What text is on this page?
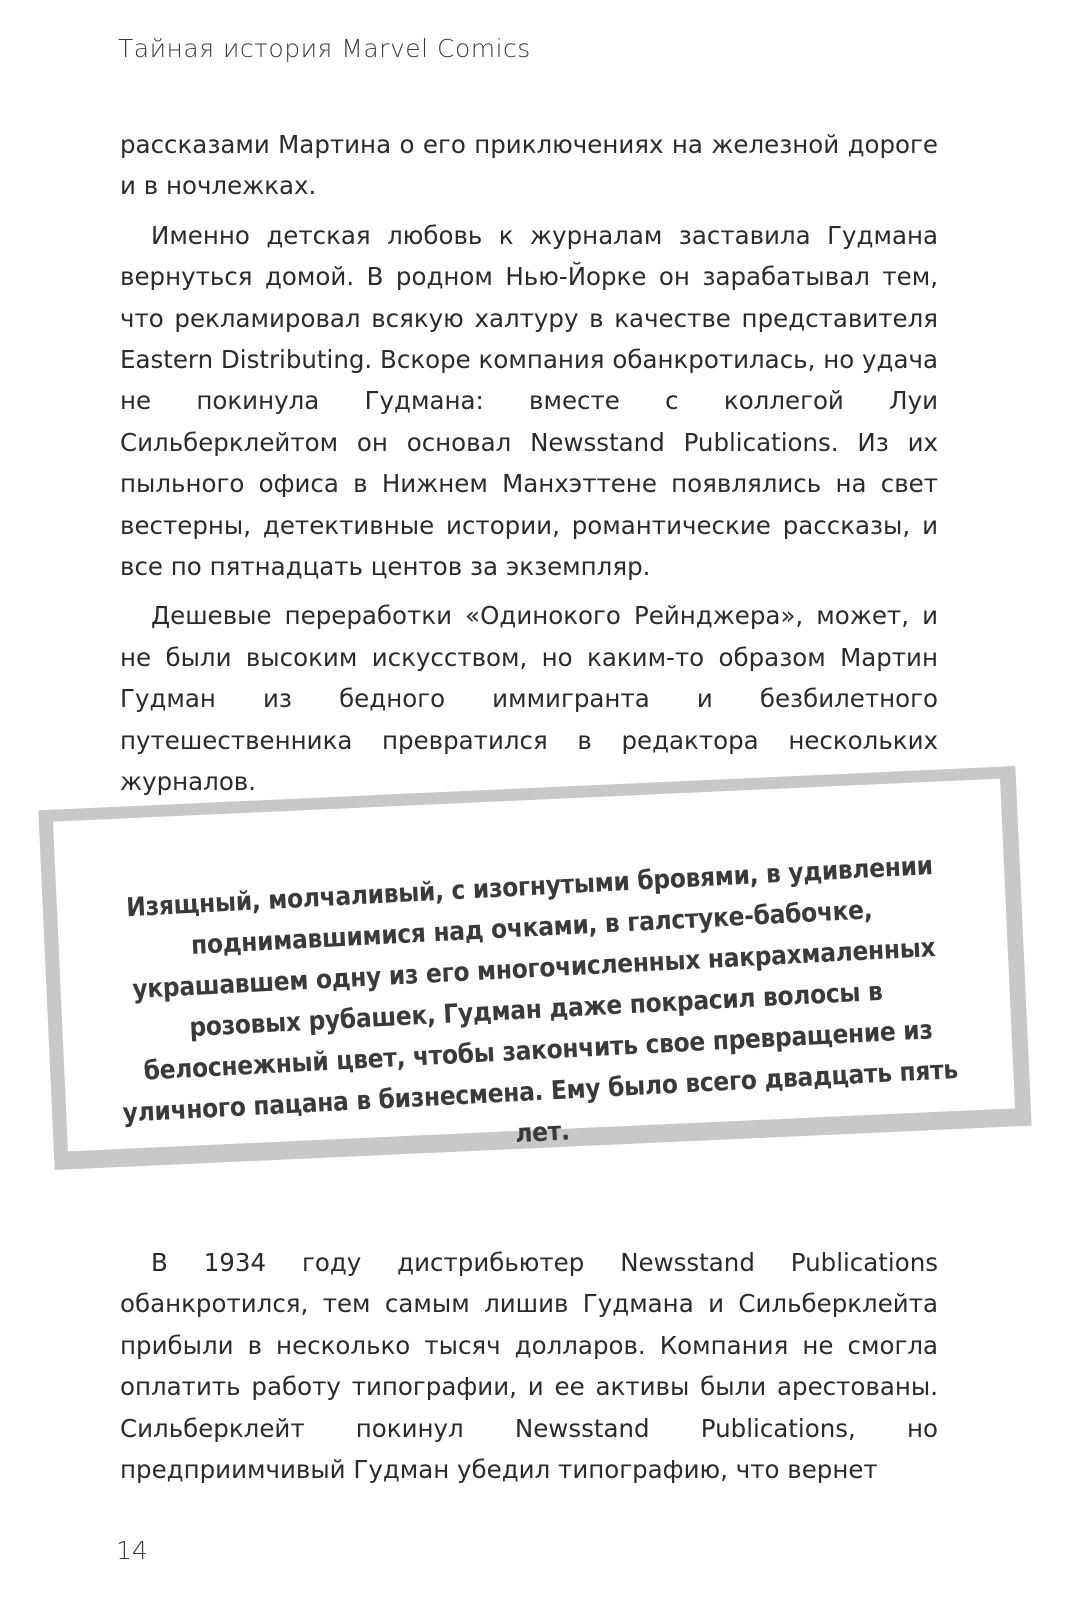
Тайная история Marvel Comics

рассказами Мартина о его приключениях на железной дороге и в ночлежках.

Именно детская любовь к журналам заставила Гудмана вернуться домой. В родном Нью-Йорке он зарабатывал тем, что рекламировал всякую халтуру в качестве представителя Eastern Distributing. Вскоре компания обанкротилась, но удача не покинула Гудмана: вместе с коллегой Луи Сильберклейтом он основал Newsstand Publications. Из их пыльного офиса в Нижнем Манхэттене появлялись на свет вестерны, детективные истории, романтические рассказы, и все по пятнадцать центов за экземпляр.

Дешевые переработки «Одинокого Рейнджера», может, и не были высоким искусством, но каким-то образом Мартин Гудман из бедного иммигранта и безбилетного путешественника превратился в редактора нескольких журналов.

Изящный, молчаливый, с изогнутыми бровями, в удивлении поднимавшимися над очками, в галстуке-бабочке, украшавшем одну из его многочисленных накрахмаленных розовых рубашек, Гудман даже покрасил волосы в белоснежный цвет, чтобы закончить свое превращение из уличного пацана в бизнесмена. Ему было всего двадцать пять лет.

В 1934 году дистрибьютер Newsstand Publications обанкротился, тем самым лишив Гудмана и Сильберклейта прибыли в несколько тысяч долларов. Компания не смогла оплатить работу типографии, и ее активы были арестованы. Сильберклейт покинул Newsstand Publications, но предприимчивый Гудман убедил типографию, что вернет

14
